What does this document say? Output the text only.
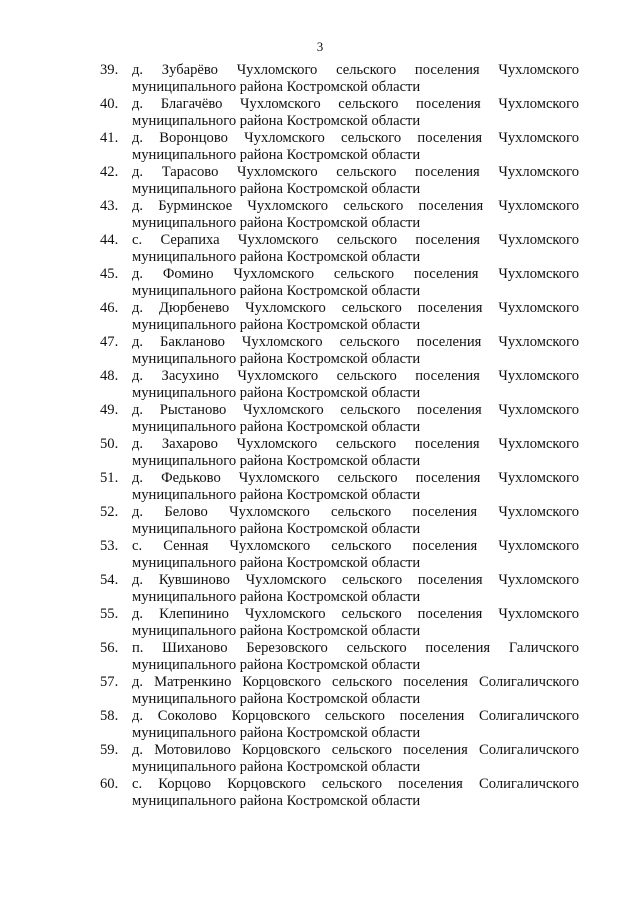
3
39. д. Зубарёво Чухломского сельского поселения Чухломского
муниципального района Костромской области
40. д. Благачёво Чухломского сельского поселения Чухломского
муниципального района Костромской области
41. д. Воронцово Чухломского сельского поселения Чухломского
муниципального района Костромской области
42. д. Тарасово Чухломского сельского поселения Чухломского
муниципального района Костромской области
43. д. Бурминское Чухломского сельского поселения Чухломского
муниципального района Костромской области
44. с. Серапиха Чухломского сельского поселения Чухломского
муниципального района Костромской области
45. д. Фомино Чухломского сельского поселения Чухломского
муниципального района Костромской области
46. д. Дюрбенево Чухломского сельского поселения Чухломского
муниципального района Костромской области
47. д. Бакланово Чухломского сельского поселения Чухломского
муниципального района Костромской области
48. д. Засухино Чухломского сельского поселения Чухломского
муниципального района Костромской области
49. д. Рыстаново Чухломского сельского поселения Чухломского
муниципального района Костромской области
50. д. Захарово Чухломского сельского поселения Чухломского
муниципального района Костромской области
51. д. Федьково Чухломского сельского поселения Чухломского
муниципального района Костромской области
52. д. Белово Чухломского сельского поселения Чухломского
муниципального района Костромской области
53. с. Сенная Чухломского сельского поселения Чухломского
муниципального района Костромской области
54. д. Кувшиново Чухломского сельского поселения Чухломского
муниципального района Костромской области
55. д. Клепинино Чухломского сельского поселения Чухломского
муниципального района Костромской области
56. п. Шиханово Березовского сельского поселения Галичского
муниципального района Костромской области
57. д. Матренкино Корцовского сельского поселения Солигаличского
муниципального района Костромской области
58. д. Соколово Корцовского сельского поселения Солигаличского
муниципального района Костромской области
59. д. Мотовилово Корцовского сельского поселения Солигаличского
муниципального района Костромской области
60. с. Корцово Корцовского сельского поселения Солигаличского
муниципального района Костромской области
